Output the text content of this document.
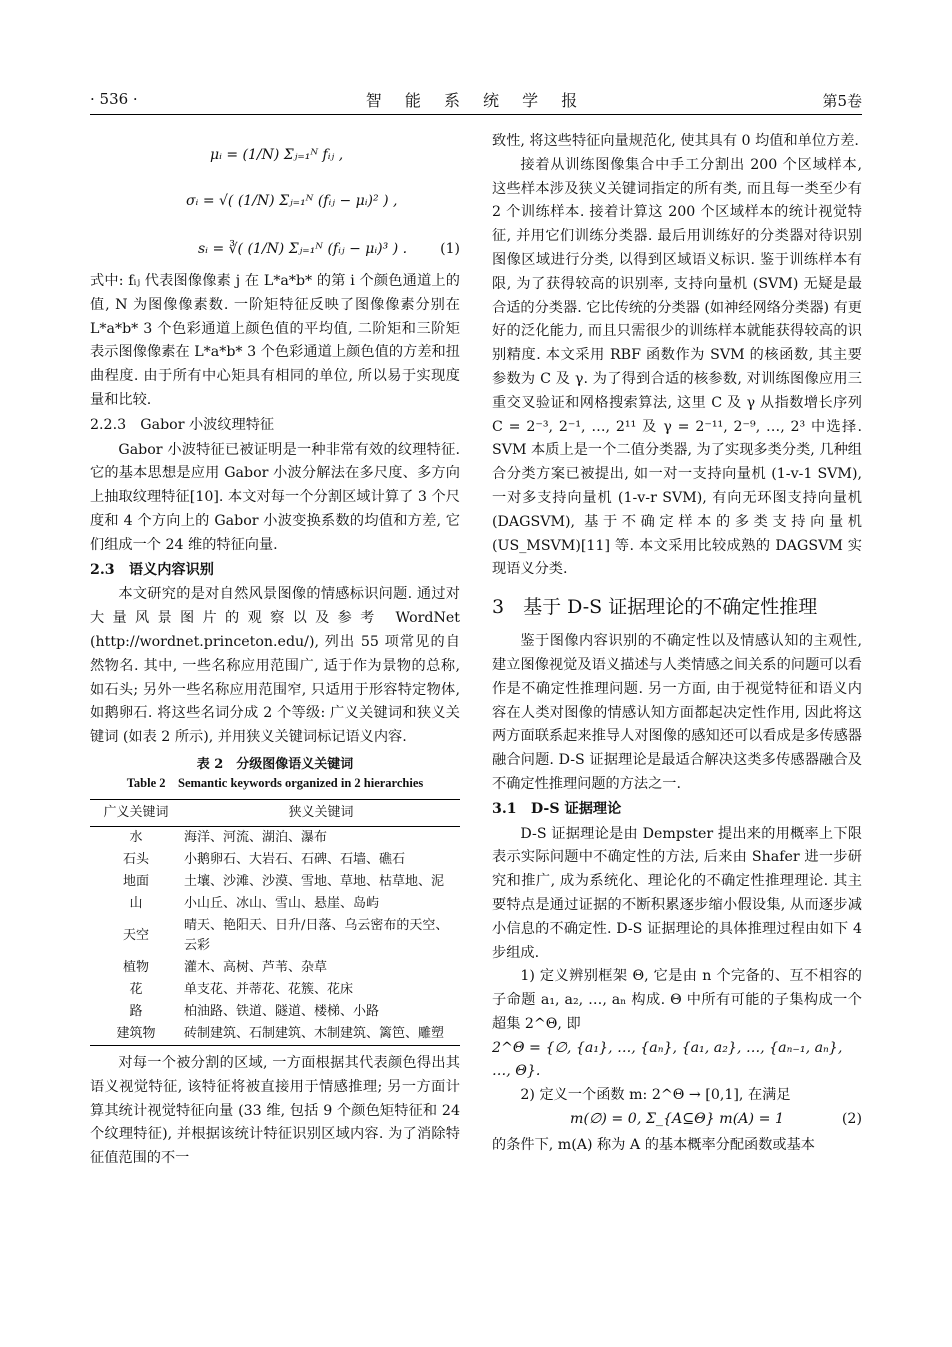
· 536 ·	智 能 系 统 学 报	第5卷
μᵢ = (1/N) Σⱼ₌₁ᴺ fᵢⱼ ,
σᵢ = √( (1/N) Σⱼ₌₁ᴺ (fᵢⱼ − μᵢ)² ) ,
sᵢ = ∛( (1/N) Σⱼ₌₁ᴺ (fᵢⱼ − μᵢ)³ ) . (1)

式中: fᵢⱼ 代表图像像素 j 在 L*a*b* 的第 i 个颜色通道上的值, N 为图像像素数. 一阶矩特征反映了图像像素分别在 L*a*b* 3 个色彩通道上颜色值的平均值, 二阶矩和三阶矩表示图像像素在 L*a*b* 3 个色彩通道上颜色值的方差和扭曲程度. 由于所有中心矩具有相同的单位, 所以易于实现度量和比较.

2.2.3　Gabor 小波纹理特征

Gabor 小波特征已被证明是一种非常有效的纹理特征. 它的基本思想是应用 Gabor 小波分解法在多尺度、多方向上抽取纹理特征[10]. 本文对每一个分割区域计算了 3 个尺度和 4 个方向上的 Gabor 小波变换系数的均值和方差, 它们组成一个 24 维的特征向量.

2.3　语义内容识别

本文研究的是对自然风景图像的情感标识问题. 通过对大量风景图片的观察以及参考 WordNet (http://wordnet.princeton.edu/), 列出 55 项常见的自然物名. 其中, 一些名称应用范围广, 适于作为景物的总称, 如石头; 另外一些名称应用范围窄, 只适用于形容特定物体, 如鹅卵石. 将这些名词分成 2 个等级: 广义关键词和狭义关键词 (如表 2 所示), 并用狭义关键词标记语义内容.

表 2　分级图像语义关键词
Table 2　Semantic keywords organized in 2 hierarchies
广义关键词	狭义关键词
水	海洋、河流、湖泊、瀑布
石头	小鹅卵石、大岩石、石碑、石墙、礁石
地面	土壤、沙滩、沙漠、雪地、草地、枯草地、泥
山	小山丘、冰山、雪山、悬崖、岛屿
天空	晴天、艳阳天、日升/日落、乌云密布的天空、云彩
植物	灌木、高树、芦苇、杂草
花	单支花、并蒂花、花簇、花床
路	柏油路、铁道、隧道、楼梯、小路
建筑物	砖制建筑、石制建筑、木制建筑、篱笆、雕塑

对每一个被分割的区域, 一方面根据其代表颜色得出其语义视觉特征, 该特征将被直接用于情感推理; 另一方面计算其统计视觉特征向量 (33 维, 包括 9 个颜色矩特征和 24 个纹理特征), 并根据该统计特征识别区域内容. 为了消除特征值范围的不一

致性, 将这些特征向量规范化, 使其具有 0 均值和单位方差.

接着从训练图像集合中手工分割出 200 个区域样本, 这些样本涉及狭义关键词指定的所有类, 而且每一类至少有 2 个训练样本. 接着计算这 200 个区域样本的统计视觉特征, 并用它们训练分类器. 最后用训练好的分类器对待识别图像区域进行分类, 以得到区域语义标识. 鉴于训练样本有限, 为了获得较高的识别率, 支持向量机 (SVM) 无疑是最合适的分类器. 它比传统的分类器 (如神经网络分类器) 有更好的泛化能力, 而且只需很少的训练样本就能获得较高的识别精度. 本文采用 RBF 函数作为 SVM 的核函数, 其主要参数为 C 及 γ. 为了得到合适的核参数, 对训练图像应用三重交叉验证和网格搜索算法, 这里 C 及 γ 从指数增长序列 C = 2⁻³, 2⁻¹, …, 2¹¹ 及 γ = 2⁻¹¹, 2⁻⁹, …, 2³ 中选择. SVM 本质上是一个二值分类器, 为了实现多类分类, 几种组合分类方案已被提出, 如一对一支持向量机 (1-v-1 SVM), 一对多支持向量机 (1-v-r SVM), 有向无环图支持向量机 (DAGSVM), 基于不确定样本的多类支持向量机 (US_MSVM)[11] 等. 本文采用比较成熟的 DAGSVM 实现语义分类.

3　基于 D-S 证据理论的不确定性推理

鉴于图像内容识别的不确定性以及情感认知的主观性, 建立图像视觉及语义描述与人类情感之间关系的问题可以看作是不确定性推理问题. 另一方面, 由于视觉特征和语义内容在人类对图像的情感认知方面都起决定性作用, 因此将这两方面联系起来推导人对图像的感知还可以看成是多传感器融合问题. D-S 证据理论是最适合解决这类多传感器融合及不确定性推理问题的方法之一.

3.1　D-S 证据理论

D-S 证据理论是由 Dempster 提出来的用概率上下限表示实际问题中不确定性的方法, 后来由 Shafer 进一步研究和推广, 成为系统化、理论化的不确定性推理理论. 其主要特点是通过证据的不断积累逐步缩小假设集, 从而逐步减小信息的不确定性. D-S 证据理论的具体推理过程由如下 4 步组成.

1) 定义辨别框架 Θ, 它是由 n 个完备的、互不相容的子命题 a₁, a₂, …, aₙ 构成. Θ 中所有可能的子集构成一个超集 2^Θ, 即

2^Θ = {∅, {a₁}, …, {aₙ}, {a₁, a₂}, …, {aₙ₋₁, aₙ}, …, Θ}.

2) 定义一个函数 m: 2^Θ → [0,1], 在满足

m(∅) = 0, Σ_{A⊆Θ} m(A) = 1	(2)

的条件下, m(A) 称为 A 的基本概率分配函数或基本
